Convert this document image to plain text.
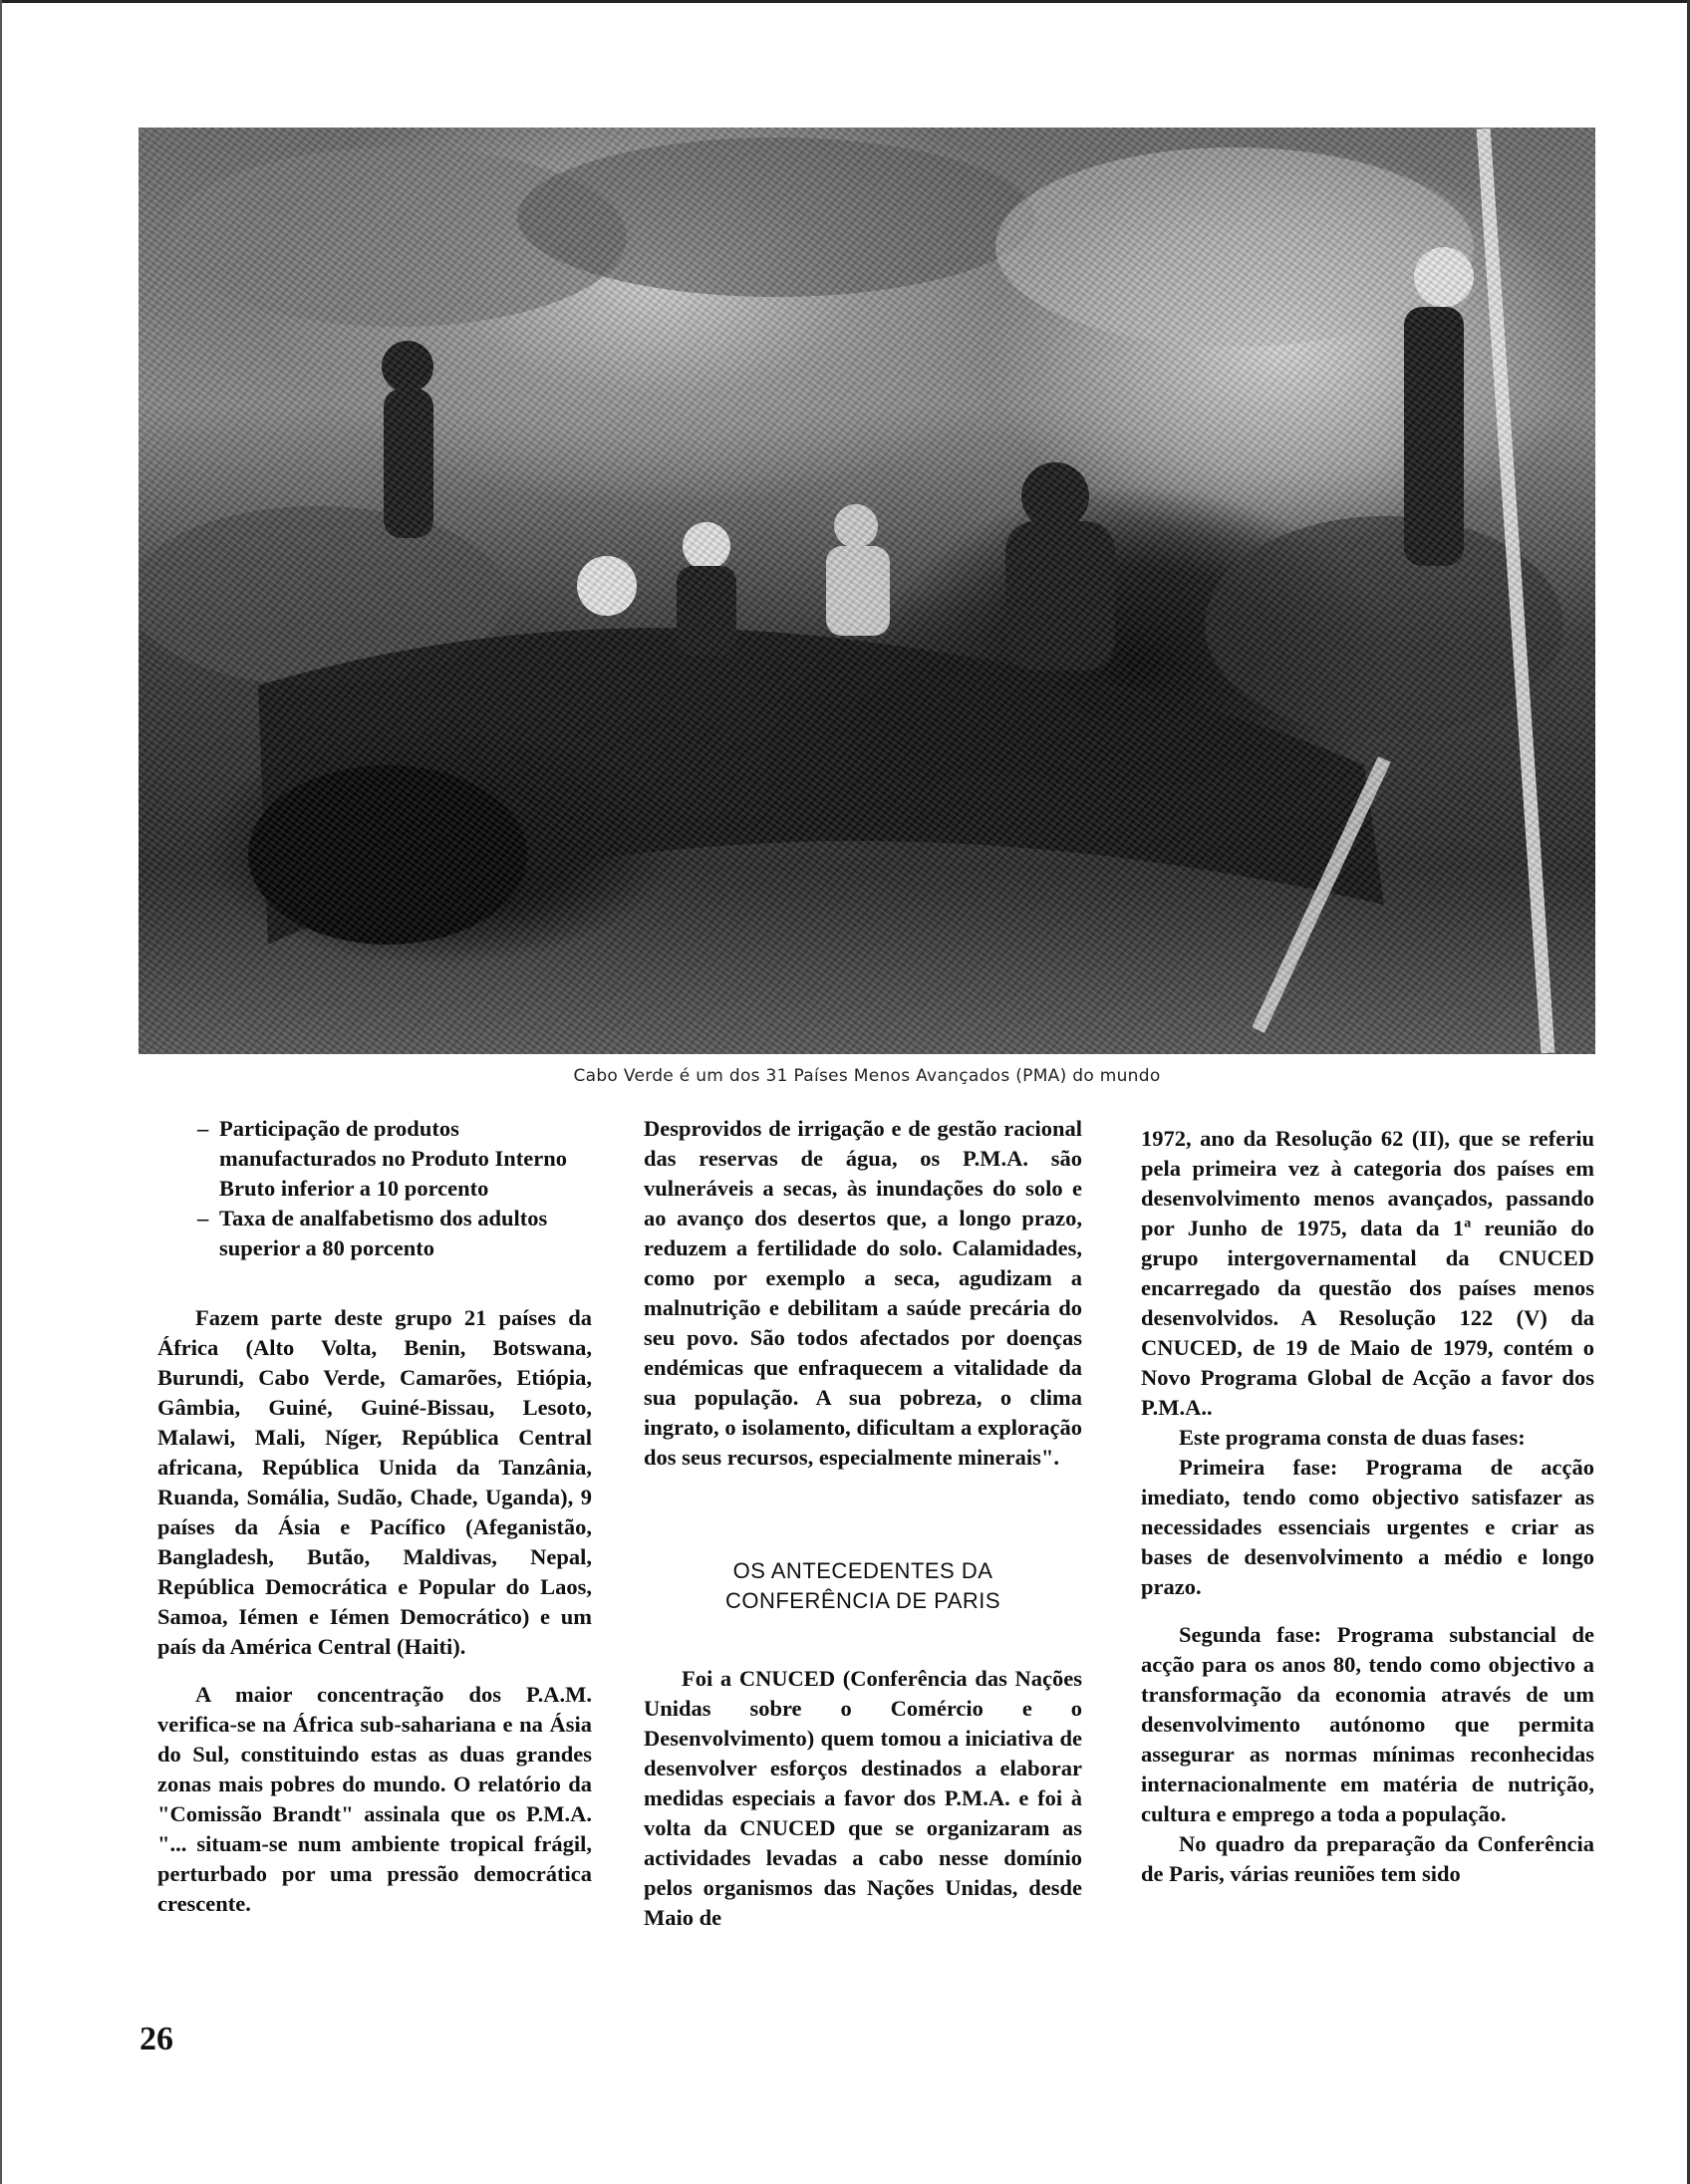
Cabo Verde é um dos 31 Países Menos Avançados (PMA) do mundo
– Participação de produtos manufacturados no Produto Interno Bruto inferior a 10 porcento
– Taxa de analfabetismo dos adultos superior a 80 porcento

Fazem parte deste grupo 21 países da África (Alto Volta, Benin, Botswana, Burundi, Cabo Verde, Camarões, Etiópia, Gâmbia, Guiné, Guiné-Bissau, Lesoto, Malawi, Mali, Níger, República Central africana, República Unida da Tanzânia, Ruanda, Somália, Sudão, Chade, Uganda), 9 países da Ásia e Pacífico (Afeganistão, Bangladesh, Butão, Maldivas, Nepal, República Democrática e Popular do Laos, Samoa, Iémen e Iémen Democrático) e um país da América Central (Haiti).

A maior concentração dos P.A.M. verifica-se na África sub-sahariana e na Ásia do Sul, constituindo estas as duas grandes zonas mais pobres do mundo. O relatório da "Comissão Brandt" assinala que os P.M.A. "... situam-se num ambiente tropical frágil, perturbado por uma pressão democrática crescente.

Desprovidos de irrigação e de gestão racional das reservas de água, os P.M.A. são vulneráveis a secas, às inundações do solo e ao avanço dos desertos que, a longo prazo, reduzem a fertilidade do solo. Calamidades, como por exemplo a seca, agudizam a malnutrição e debilitam a saúde precária do seu povo. São todos afectados por doenças endémicas que enfraquecem a vitalidade da sua população. A sua pobreza, o clima ingrato, o isolamento, dificultam a exploração dos seus recursos, especialmente minerais".

OS ANTECEDENTES DA
CONFERÊNCIA DE PARIS

Foi a CNUCED (Conferência das Nações Unidas sobre o Comércio e o Desenvolvimento) quem tomou a iniciativa de desenvolver esforços destinados a elaborar medidas especiais a favor dos P.M.A. e foi à volta da CNUCED que se organizaram as actividades levadas a cabo nesse domínio pelos organismos das Nações Unidas, desde Maio de

1972, ano da Resolução 62 (II), que se referiu pela primeira vez à categoria dos países em desenvolvimento menos avançados, passando por Junho de 1975, data da 1$^a$ reunião do grupo intergovernamental da CNUCED encarregado da questão dos países menos desenvolvidos. A Resolução 122 (V) da CNUCED, de 19 de Maio de 1979, contém o Novo Programa Global de Acção a favor dos P.M.A..

Este programa consta de duas fases:

Primeira fase: Programa de acção imediato, tendo como objectivo satisfazer as necessidades essenciais urgentes e criar as bases de desenvolvimento a médio e longo prazo.

Segunda fase: Programa substancial de acção para os anos 80, tendo como objectivo a transformação da economia através de um desenvolvimento autónomo que permita assegurar as normas mínimas reconhecidas internacionalmente em matéria de nutrição, cultura e emprego a toda a população.

No quadro da preparação da Conferência de Paris, várias reuniões tem sido

26
